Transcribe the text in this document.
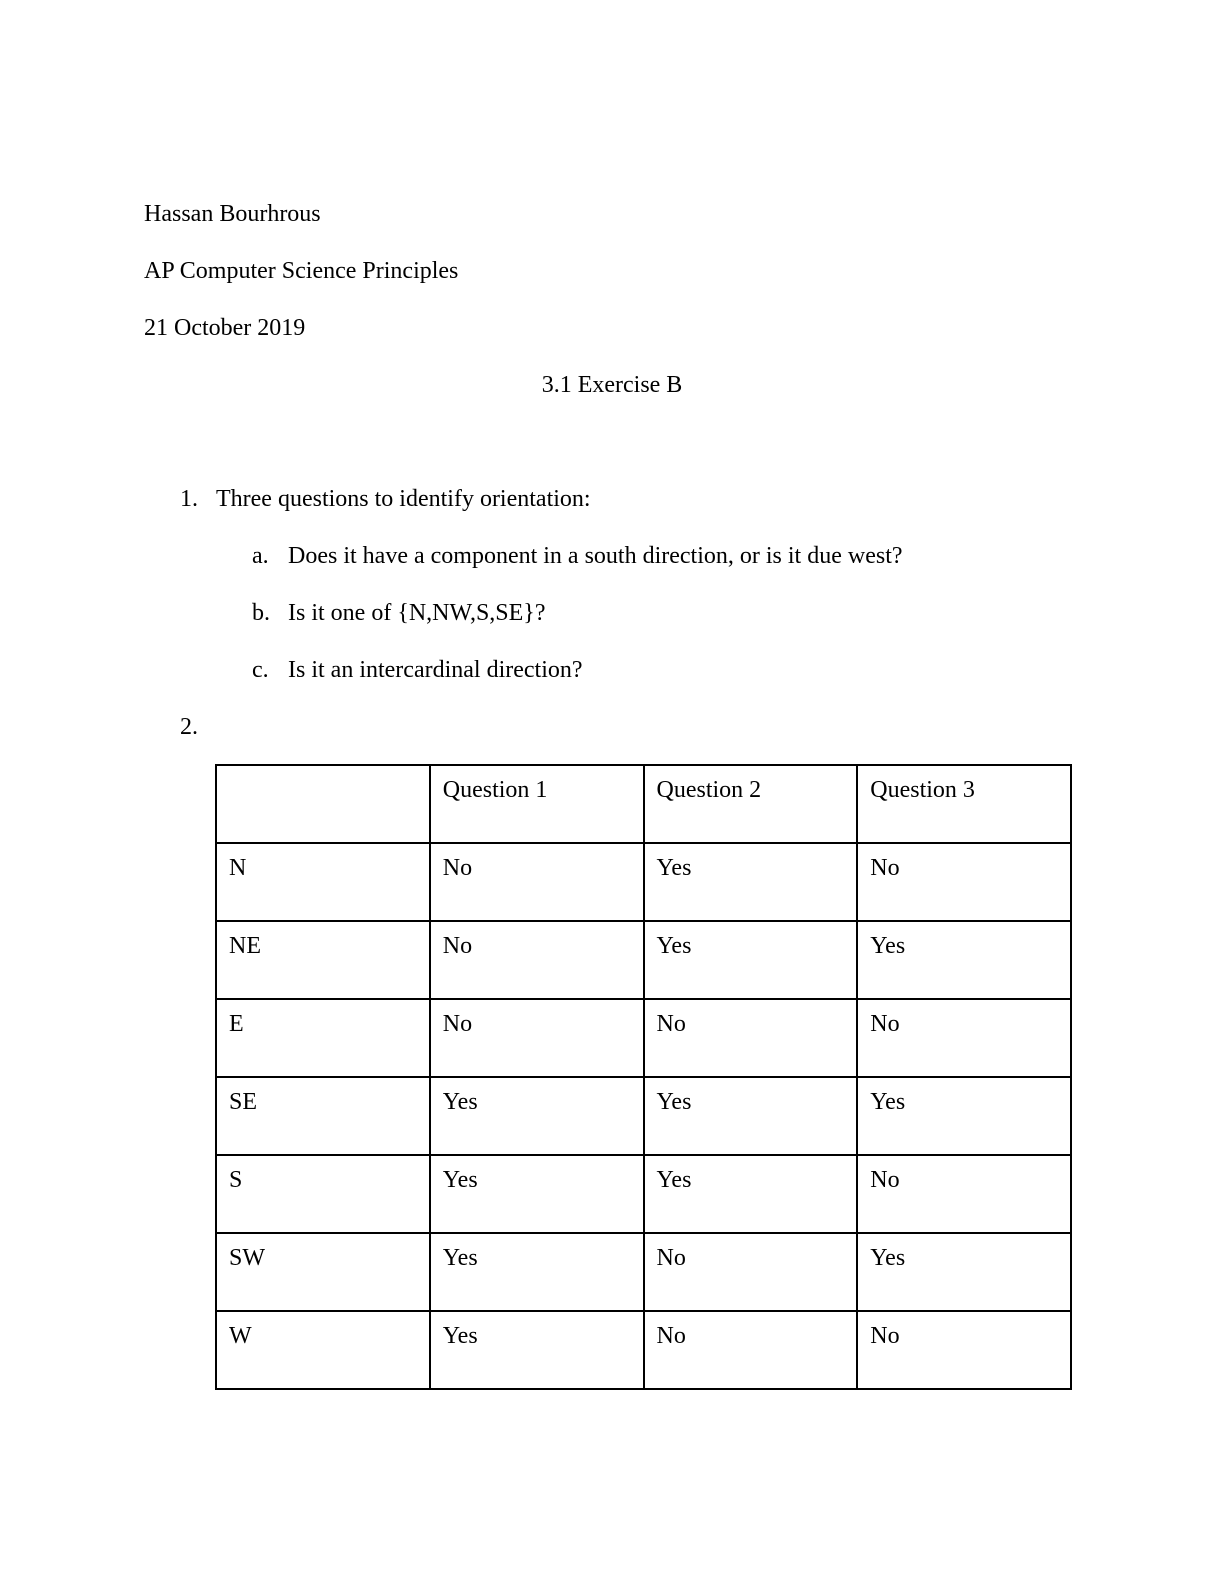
Hassan Bourhrous
AP Computer Science Principles
21 October 2019
3.1 Exercise B
1. Three questions to identify orientation:
a. Does it have a component in a south direction, or is it due west?
b. Is it one of {N,NW,S,SE}?
c. Is it an intercardinal direction?
2.
	Question 1	Question 2	Question 3
N	No	Yes	No
NE	No	Yes	Yes
E	No	No	No
SE	Yes	Yes	Yes
S	Yes	Yes	No
SW	Yes	No	Yes
W	Yes	No	No
